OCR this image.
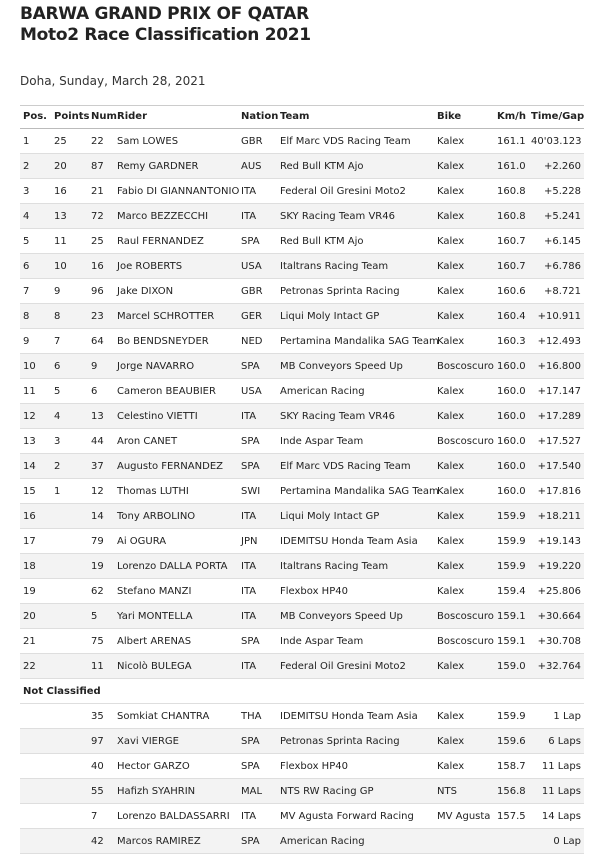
BARWA GRAND PRIX OF QATAR
Moto2 Race Classification 2021
Doha, Sunday, March 28, 2021
Pos.	Points	Num.	Rider	Nation	Team	Bike	Km/h	Time/Gap
1	25	22	Sam LOWES	GBR	Elf Marc VDS Racing Team	Kalex	161.1	40'03.123
2	20	87	Remy GARDNER	AUS	Red Bull KTM Ajo	Kalex	161.0	+2.260
3	16	21	Fabio DI GIANNANTONIO	ITA	Federal Oil Gresini Moto2	Kalex	160.8	+5.228
4	13	72	Marco BEZZECCHI	ITA	SKY Racing Team VR46	Kalex	160.8	+5.241
5	11	25	Raul FERNANDEZ	SPA	Red Bull KTM Ajo	Kalex	160.7	+6.145
6	10	16	Joe ROBERTS	USA	Italtrans Racing Team	Kalex	160.7	+6.786
7	9	96	Jake DIXON	GBR	Petronas Sprinta Racing	Kalex	160.6	+8.721
8	8	23	Marcel SCHROTTER	GER	Liqui Moly Intact GP	Kalex	160.4	+10.911
9	7	64	Bo BENDSNEYDER	NED	Pertamina Mandalika SAG Team	Kalex	160.3	+12.493
10	6	9	Jorge NAVARRO	SPA	MB Conveyors Speed Up	Boscoscuro	160.0	+16.800
11	5	6	Cameron BEAUBIER	USA	American Racing	Kalex	160.0	+17.147
12	4	13	Celestino VIETTI	ITA	SKY Racing Team VR46	Kalex	160.0	+17.289
13	3	44	Aron CANET	SPA	Inde Aspar Team	Boscoscuro	160.0	+17.527
14	2	37	Augusto FERNANDEZ	SPA	Elf Marc VDS Racing Team	Kalex	160.0	+17.540
15	1	12	Thomas LUTHI	SWI	Pertamina Mandalika SAG Team	Kalex	160.0	+17.816
16		14	Tony ARBOLINO	ITA	Liqui Moly Intact GP	Kalex	159.9	+18.211
17		79	Ai OGURA	JPN	IDEMITSU Honda Team Asia	Kalex	159.9	+19.143
18		19	Lorenzo DALLA PORTA	ITA	Italtrans Racing Team	Kalex	159.9	+19.220
19		62	Stefano MANZI	ITA	Flexbox HP40	Kalex	159.4	+25.806
20		5	Yari MONTELLA	ITA	MB Conveyors Speed Up	Boscoscuro	159.1	+30.664
21		75	Albert ARENAS	SPA	Inde Aspar Team	Boscoscuro	159.1	+30.708
22		11	Nicolò BULEGA	ITA	Federal Oil Gresini Moto2	Kalex	159.0	+32.764
Not Classified								
		35	Somkiat CHANTRA	THA	IDEMITSU Honda Team Asia	Kalex	159.9	1 Lap
		97	Xavi VIERGE	SPA	Petronas Sprinta Racing	Kalex	159.6	6 Laps
		40	Hector GARZO	SPA	Flexbox HP40	Kalex	158.7	11 Laps
		55	Hafizh SYAHRIN	MAL	NTS RW Racing GP	NTS	156.8	11 Laps
		7	Lorenzo BALDASSARRI	ITA	MV Agusta Forward Racing	MV Agusta	157.5	14 Laps
		42	Marcos RAMIREZ	SPA	American Racing			0 Lap
